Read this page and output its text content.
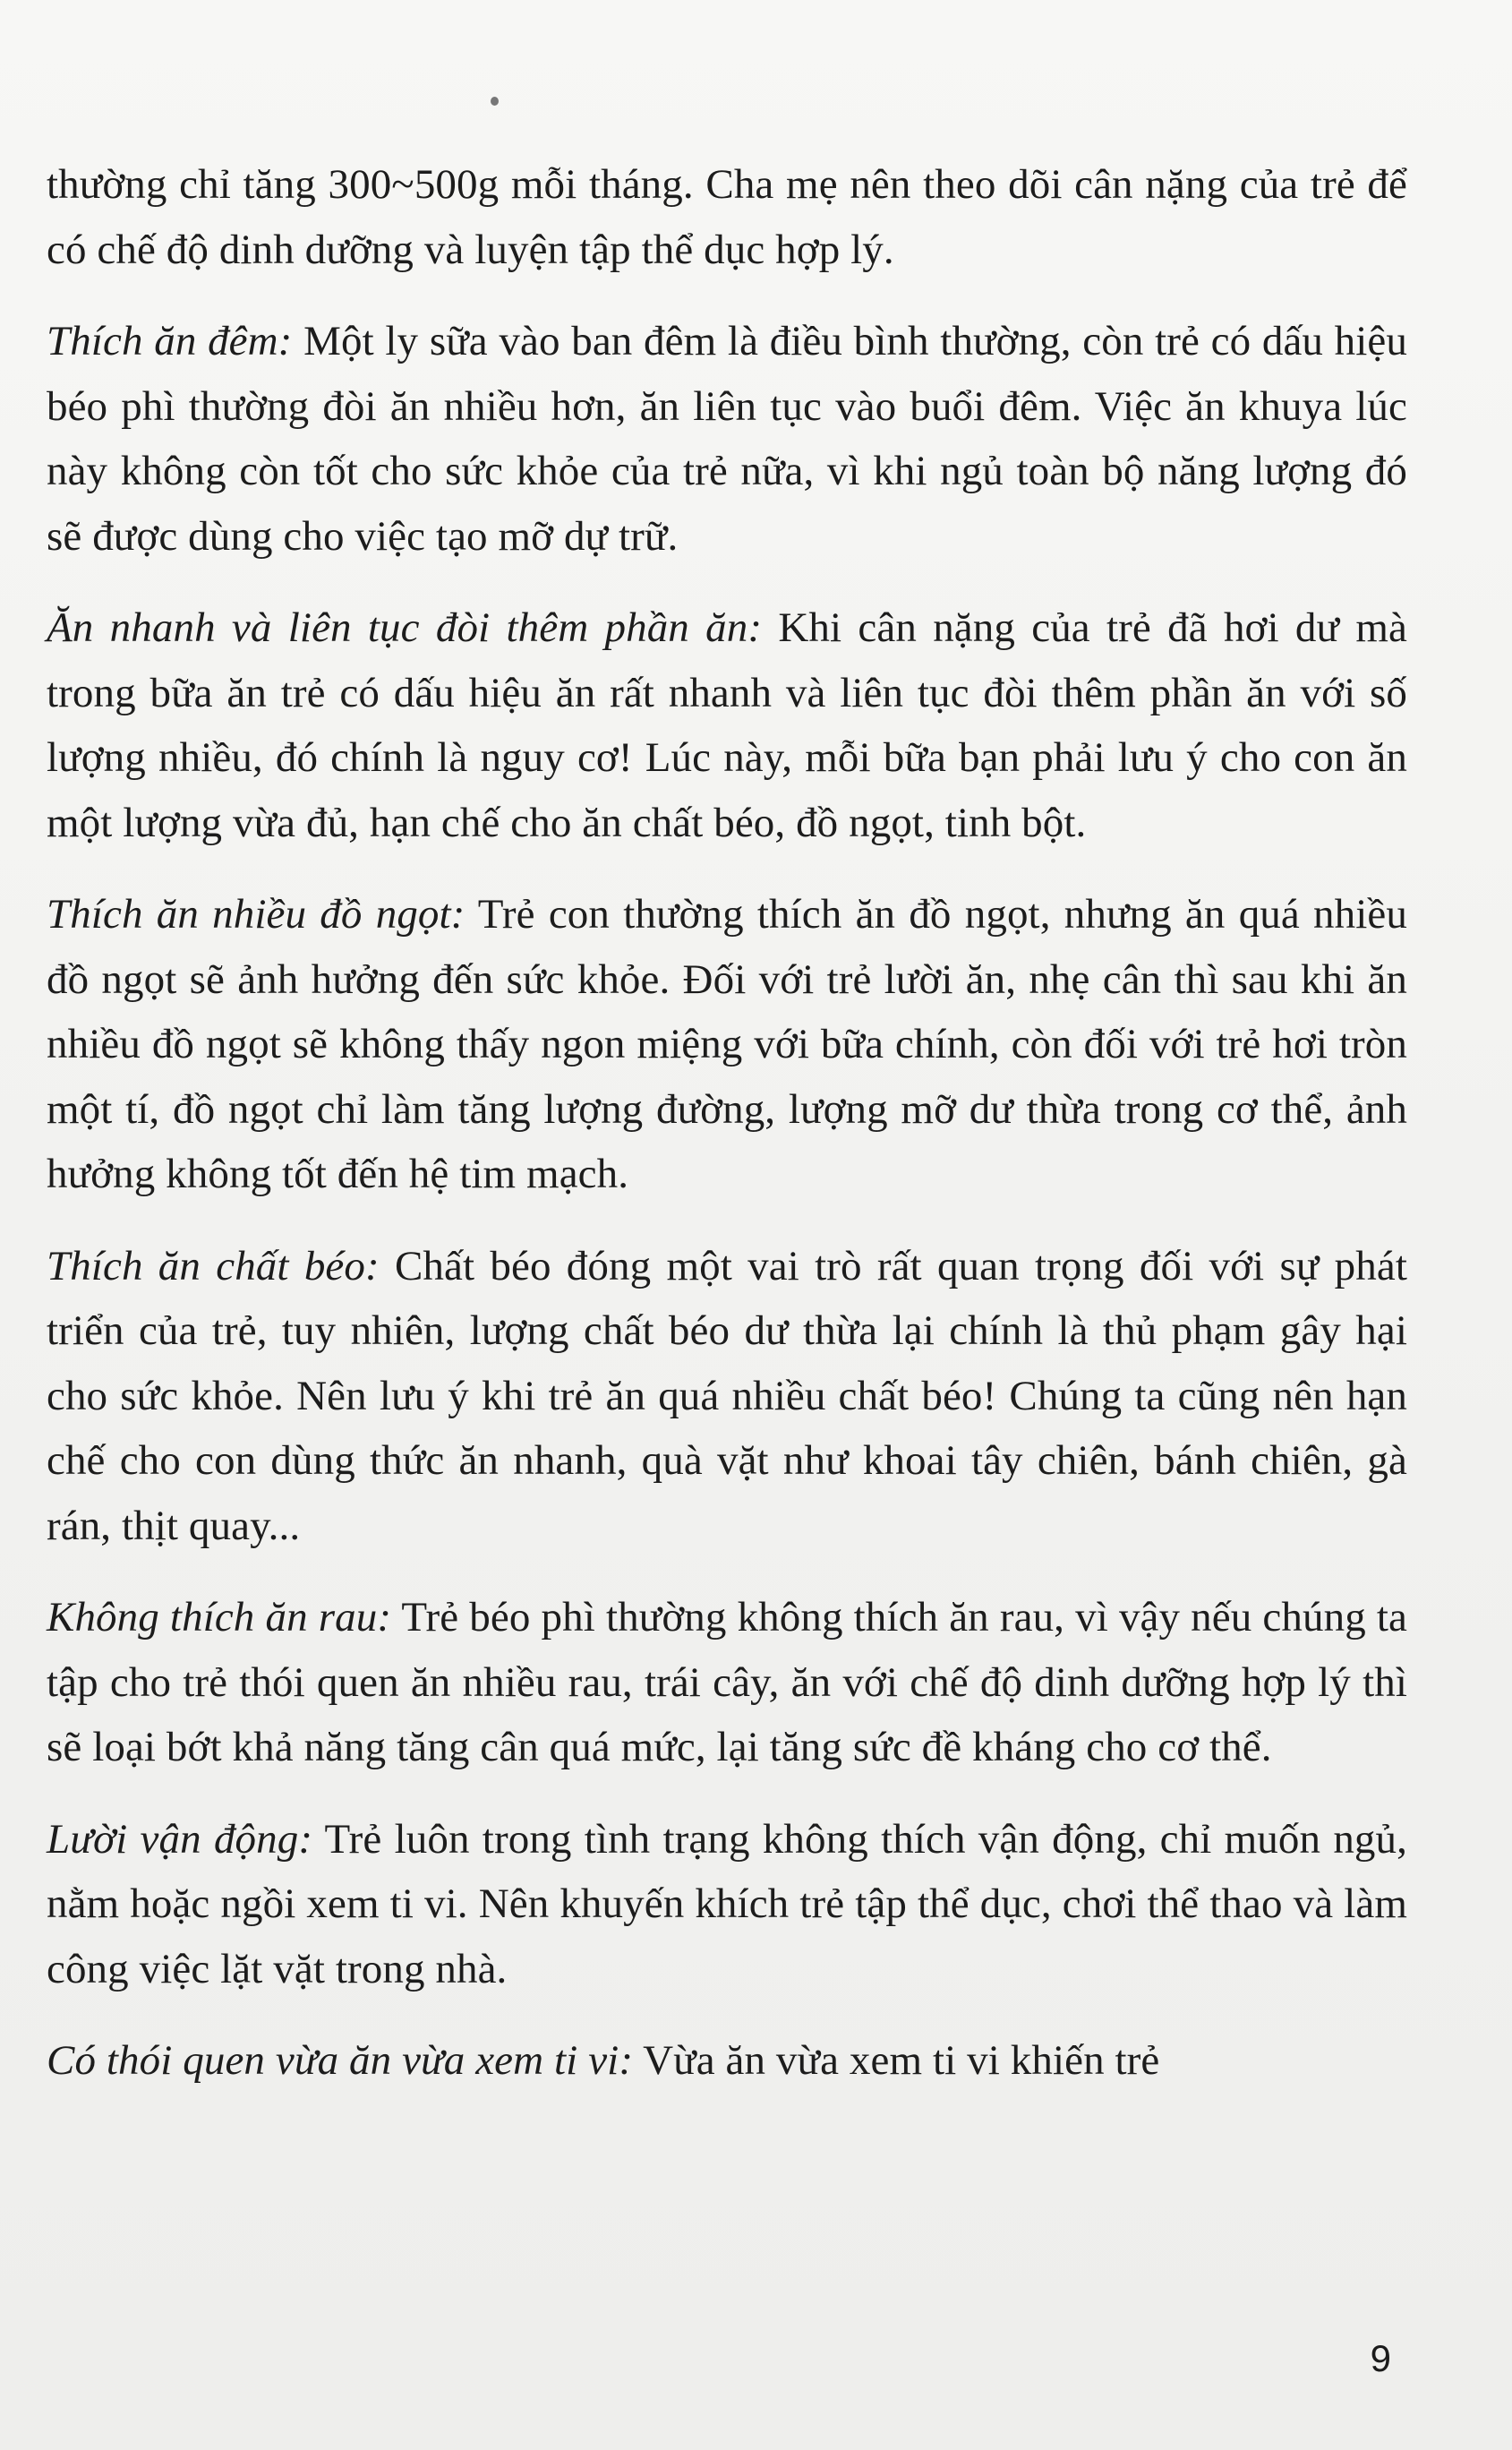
thường chỉ tăng 300~500g mỗi tháng. Cha mẹ nên theo dõi cân nặng của trẻ để có chế độ dinh dưỡng và luyện tập thể dục hợp lý.

Thích ăn đêm: Một ly sữa vào ban đêm là điều bình thường, còn trẻ có dấu hiệu béo phì thường đòi ăn nhiều hơn, ăn liên tục vào buổi đêm. Việc ăn khuya lúc này không còn tốt cho sức khỏe của trẻ nữa, vì khi ngủ toàn bộ năng lượng đó sẽ được dùng cho việc tạo mỡ dự trữ.

Ăn nhanh và liên tục đòi thêm phần ăn: Khi cân nặng của trẻ đã hơi dư mà trong bữa ăn trẻ có dấu hiệu ăn rất nhanh và liên tục đòi thêm phần ăn với số lượng nhiều, đó chính là nguy cơ! Lúc này, mỗi bữa bạn phải lưu ý cho con ăn một lượng vừa đủ, hạn chế cho ăn chất béo, đồ ngọt, tinh bột.

Thích ăn nhiều đồ ngọt: Trẻ con thường thích ăn đồ ngọt, nhưng ăn quá nhiều đồ ngọt sẽ ảnh hưởng đến sức khỏe. Đối với trẻ lười ăn, nhẹ cân thì sau khi ăn nhiều đồ ngọt sẽ không thấy ngon miệng với bữa chính, còn đối với trẻ hơi tròn một tí, đồ ngọt chỉ làm tăng lượng đường, lượng mỡ dư thừa trong cơ thể, ảnh hưởng không tốt đến hệ tim mạch.

Thích ăn chất béo: Chất béo đóng một vai trò rất quan trọng đối với sự phát triển của trẻ, tuy nhiên, lượng chất béo dư thừa lại chính là thủ phạm gây hại cho sức khỏe. Nên lưu ý khi trẻ ăn quá nhiều chất béo! Chúng ta cũng nên hạn chế cho con dùng thức ăn nhanh, quà vặt như khoai tây chiên, bánh chiên, gà rán, thịt quay...

Không thích ăn rau: Trẻ béo phì thường không thích ăn rau, vì vậy nếu chúng ta tập cho trẻ thói quen ăn nhiều rau, trái cây, ăn với chế độ dinh dưỡng hợp lý thì sẽ loại bớt khả năng tăng cân quá mức, lại tăng sức đề kháng cho cơ thể.

Lười vận động: Trẻ luôn trong tình trạng không thích vận động, chỉ muốn ngủ, nằm hoặc ngồi xem ti vi. Nên khuyến khích trẻ tập thể dục, chơi thể thao và làm công việc lặt vặt trong nhà.

Có thói quen vừa ăn vừa xem ti vi: Vừa ăn vừa xem ti vi khiến trẻ

9
